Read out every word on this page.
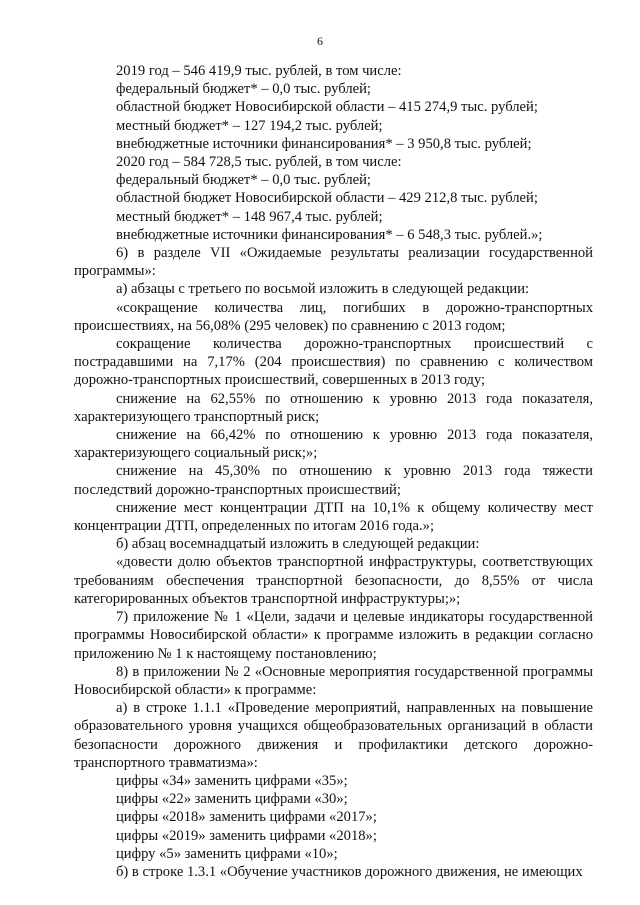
6

2019 год – 546 419,9 тыс. рублей, в том числе:

федеральный бюджет* – 0,0 тыс. рублей;

областной бюджет Новосибирской области – 415 274,9 тыс. рублей;

местный бюджет* – 127 194,2 тыс. рублей;

внебюджетные источники финансирования* – 3 950,8 тыс. рублей;

2020 год – 584 728,5 тыс. рублей, в том числе:

федеральный бюджет* – 0,0 тыс. рублей;

областной бюджет Новосибирской области – 429 212,8 тыс. рублей;

местный бюджет* – 148 967,4 тыс. рублей;

внебюджетные источники финансирования* – 6 548,3 тыс. рублей.»;

6) в разделе VII «Ожидаемые результаты реализации государственной программы»:

а) абзацы с третьего по восьмой изложить в следующей редакции:

«сокращение количества лиц, погибших в дорожно-транспортных происшествиях, на 56,08% (295 человек) по сравнению с 2013 годом;

сокращение количества дорожно-транспортных происшествий с пострадавшими на 7,17% (204 происшествия) по сравнению с количеством дорожно-транспортных происшествий, совершенных в 2013 году;

снижение на 62,55% по отношению к уровню 2013 года показателя, характеризующего транспортный риск;

снижение на 66,42% по отношению к уровню 2013 года показателя, характеризующего социальный риск;»;

снижение на 45,30% по отношению к уровню 2013 года тяжести последствий дорожно-транспортных происшествий;

снижение мест концентрации ДТП на 10,1% к общему количеству мест концентрации ДТП, определенных по итогам 2016 года.»;

б) абзац восемнадцатый изложить в следующей редакции:

«довести долю объектов транспортной инфраструктуры, соответствующих требованиям обеспечения транспортной безопасности, до 8,55% от числа категорированных объектов транспортной инфраструктуры;»;

7) приложение № 1 «Цели, задачи и целевые индикаторы государственной программы Новосибирской области» к программе изложить в редакции согласно приложению № 1 к настоящему постановлению;

8) в приложении № 2 «Основные мероприятия государственной программы Новосибирской области» к программе:

а) в строке 1.1.1 «Проведение мероприятий, направленных на повышение образовательного уровня учащихся общеобразовательных организаций в области безопасности дорожного движения и профилактики детского дорожно-транспортного травматизма»:

цифры «34» заменить цифрами «35»;

цифры «22» заменить цифрами «30»;

цифры «2018» заменить цифрами «2017»;

цифры «2019» заменить цифрами «2018»;

цифру «5» заменить цифрами «10»;

б) в строке 1.3.1 «Обучение участников дорожного движения, не имеющих
